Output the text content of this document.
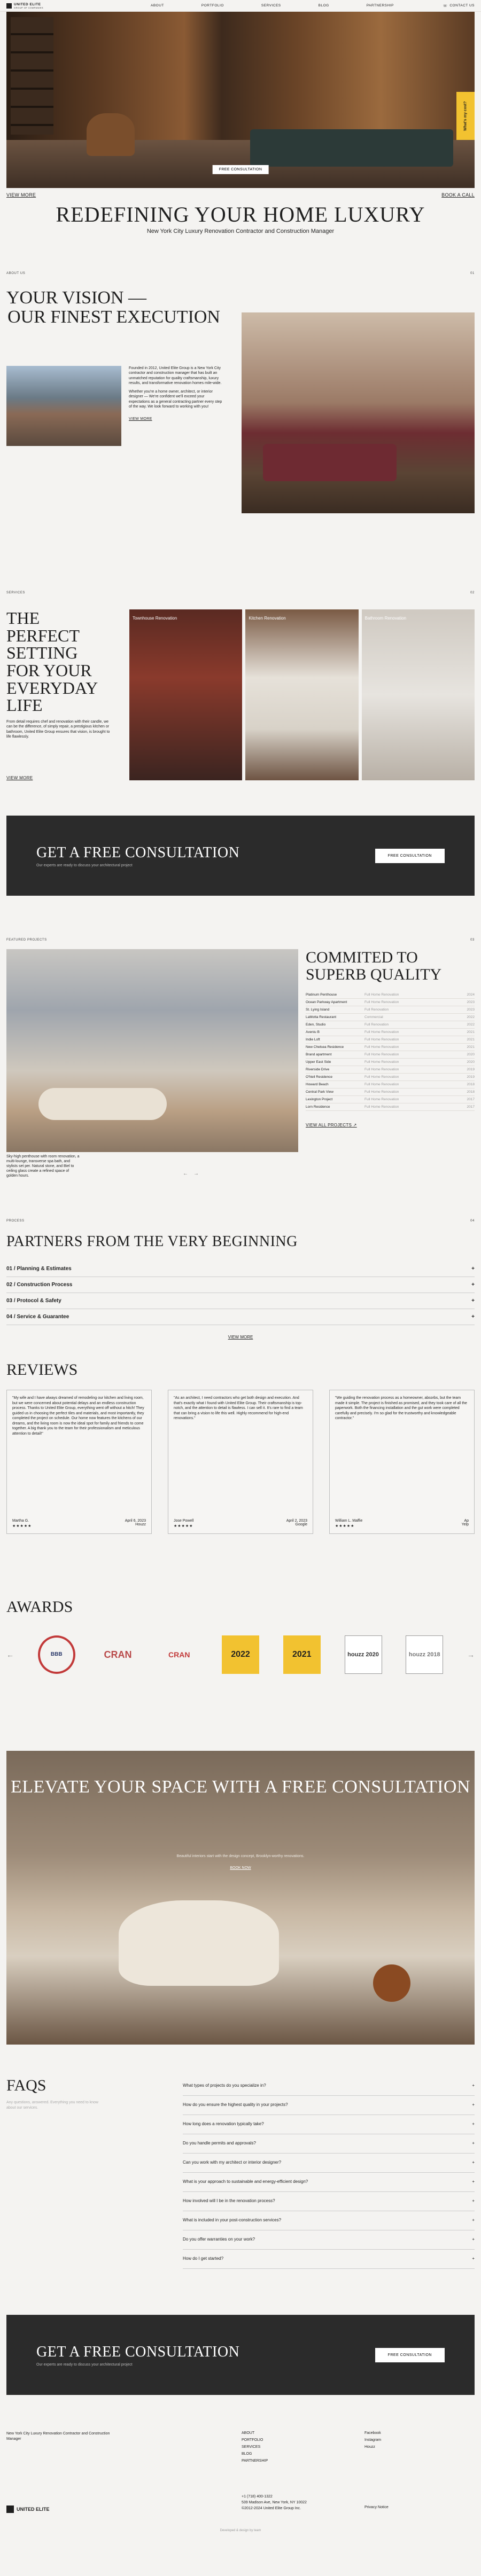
UNITED ELITE
GROUP OF COMPANIES	ABOUT	PORTFOLIO	SERVICES	BLOG	PARTNERSHIP	☏ CONTACT US
FREE CONSULTATION
What's my cost?
VIEW MORE	BOOK A CALL
REDEFINING YOUR HOME LUXURY
New York City Luxury Renovation Contractor and Construction Manager
ABOUT US	01
YOUR VISION —
OUR FINEST EXECUTION

Founded in 2012, United Elite Group is a New York City contractor and construction manager that has built an unmatched reputation for quality craftsmanship, luxury results, and transformative renovation homes mile-wide.

Whether you're a home owner, architect, or interior designer — We're confident we'll exceed your expectations as a general contracting partner every step of the way. We look forward to working with you!

VIEW MORE
SERVICES	02
THE PERFECT SETTING FOR YOUR EVERYDAY LIFE
From detail requires chef and renovation with their candle, we can be the difference, of simply repair, a prestigious kitchen or bathroom, United Elite Group ensures that vision, is brought to life flawlessly.
VIEW MORE
Townhouse Renovation	Kitchen Renovation	Bathroom Renovation
GET A FREE CONSULTATION
Our experts are ready to discuss your architectural project
FREE CONSULTATION
FEATURED PROJECTS	03
Sky-high penthouse with room renovation, a multi-lounge, transverse spa bath, and stylists set per. Natural stone, and Biel to ceiling glass create a refined space of golden hours.	← →
COMMITED TO SUPERB QUALITY
Platinum Penthouse	Full Home Renovation	2024
Ocean Parkway Apartment	Full Home Renovation	2023
St. Lying Island	Full Renovation	2023
LaMotta Restaurant	Commercial	2022
Eden, Studio	Full Renovation	2022
Aveniu B	Full Home Renovation	2021
Indie Loft	Full Home Renovation	2021
New Chelsea Residence	Full Home Renovation	2021
Brand apartment	Full Home Renovation	2020
Upper East Side	Full Home Renovation	2020
Riverside Drive	Full Home Renovation	2019
O'Neil Residence	Full Home Renovation	2019
Howard Beach	Full Home Renovation	2018
Central Park View	Full Home Renovation	2018
Lexington Project	Full Home Renovation	2017
Lorn Residence	Full Home Renovation	2017
VIEW ALL PROJECTS ↗
PROCESS	04
PARTNERS FROM THE VERY BEGINNING
01 / Planning & Estimates	+
02 / Construction Process	+
03 / Protocol & Safety	+
04 / Service & Guarantee	+
VIEW MORE
REVIEWS
"My wife and I have always dreamed of remodeling our kitchen and living room, but we were concerned about potential delays and an endless construction process. Thanks to United Elite Group, everything went off without a hitch! They guided us in choosing the perfect tiles and materials, and most importantly, they completed the project on schedule. Our home now features the kitchens of our dreams, and the living room is now the ideal spot for family and friends to come together. A big thank you to the team for their professionalism and meticulous attention to detail!"
Martha G.	April 6, 2023
★★★★★	Houzz
"As an architect, I need contractors who get both design and execution. And that's exactly what I found with United Elite Group. Their craftsmanship is top-notch, and the attention to detail is flawless. I can sell it. It's rare to find a team that can bring a vision to life this well. Highly recommend for high-end renovations."
Jose Powell	April 2, 2023
★★★★★	Google
"We guiding the renovation process as a homeowner, absorbs, but the team made it simple. The project is finished as promised, and they took care of all the paperwork. Both the financing installation and the gut work were completed carefully and precisely. I'm so glad for the trustworthy and knowledgeable contractor."
William L. Maffie	Ap
★★★★★	Yelp
AWARDS
←	BBB	CRAN	CRAN	2022	2021	houzz 2020	houzz 2018	→
ELEVATE YOUR SPACE WITH A FREE CONSULTATION
Beautiful interiors start with the design concept, Brooklyn-worthy renovations.
BOOK NOW
FAQS
Any questions, answered. Everything you need to know about our services.
What types of projects do you specialize in?	+
How do you ensure the highest quality in your projects?	+
How long does a renovation typically take?	+
Do you handle permits and approvals?	+
Can you work with my architect or interior designer?	+
What is your approach to sustainable and energy-efficient design?	+
How involved will I be in the renovation process?	+
What is included in your post-construction services?	+
Do you offer warranties on your work?	+
How do I get started?	+
GET A FREE CONSULTATION
Our experts are ready to discuss your architectural project
FREE CONSULTATION
New York City Luxury Renovation Contractor and Construction Manager
ABOUT
PORTFOLIO
SERVICES
BLOG
PARTNERSHIP
Facebook
Instagram
Houzz
UNITED ELITE
+1 (718) 400-1322
539 Madison Ave, New York, NY 10022
©2012-2024 United Elite Group Inc.	Privacy Notice
Developed & design by team
